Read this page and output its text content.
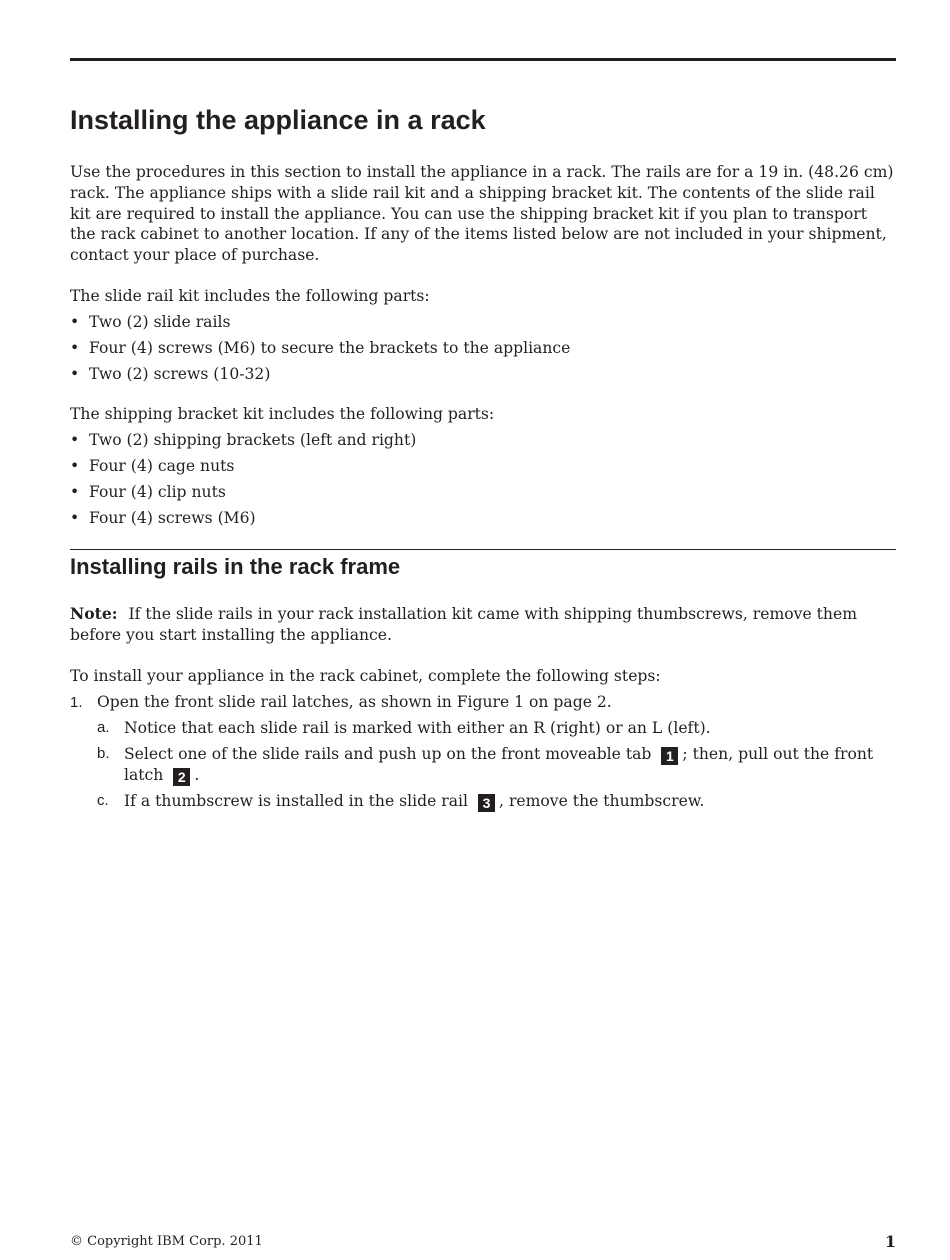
Installing the appliance in a rack

Use the procedures in this section to install the appliance in a rack. The rails are for a 19 in. (48.26 cm) rack. The appliance ships with a slide rail kit and a shipping bracket kit. The contents of the slide rail kit are required to install the appliance. You can use the shipping bracket kit if you plan to transport the rack cabinet to another location. If any of the items listed below are not included in your shipment, contact your place of purchase.

The slide rail kit includes the following parts:

• Two (2) slide rails
• Four (4) screws (M6) to secure the brackets to the appliance
• Two (2) screws (10-32)

The shipping bracket kit includes the following parts:

• Two (2) shipping brackets (left and right)
• Four (4) cage nuts
• Four (4) clip nuts
• Four (4) screws (M6)
Installing rails in the rack frame

Note: If the slide rails in your rack installation kit came with shipping thumbscrews, remove them before you start installing the appliance.

To install your appliance in the rack cabinet, complete the following steps:

1. Open the front slide rail latches, as shown in Figure 1 on page 2.

a. Notice that each slide rail is marked with either an R (right) or an L (left).
b. Select one of the slide rails and push up on the front moveable tab 1 ; then, pull out the front latch 2 .
c. If a thumbscrew is installed in the slide rail 3 , remove the thumbscrew.
© Copyright IBM Corp. 2011	1
